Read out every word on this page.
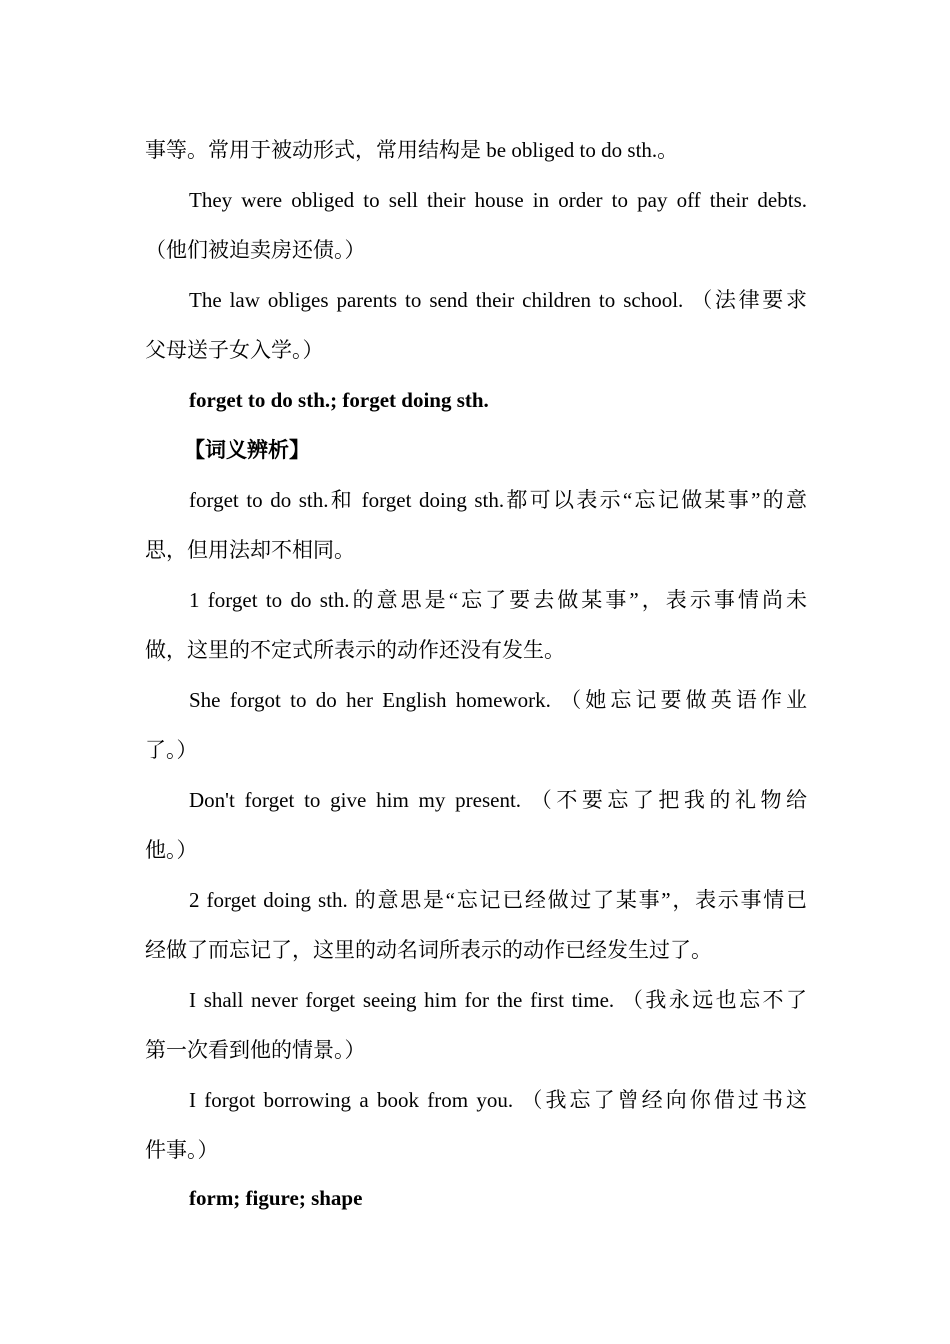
事等。常用于被动形式，常用结构是 be obliged to do sth.。
They were obliged to sell their house in order to pay off their debts.
（他们被迫卖房还债。）
The law obliges parents to send their children to school. （法律要求
父母送子女入学。）
forget to do sth.; forget doing sth.
【词义辨析】
forget to do sth.和 forget doing sth.都可以表示“忘记做某事”的意
思，但用法却不相同。
1 forget to do sth.的意思是“忘了要去做某事”，表示事情尚未
做，这里的不定式所表示的动作还没有发生。
She forgot to do her English homework. （她忘记要做英语作业
了。）
Don't forget to give him my present. （不要忘了把我的礼物给
他。）
2 forget doing sth. 的意思是“忘记已经做过了某事”，表示事情已
经做了而忘记了，这里的动名词所表示的动作已经发生过了。
I shall never forget seeing him for the first time. （我永远也忘不了
第一次看到他的情景。）
I forgot borrowing a book from you. （我忘了曾经向你借过书这
件事。）
form; figure; shape
